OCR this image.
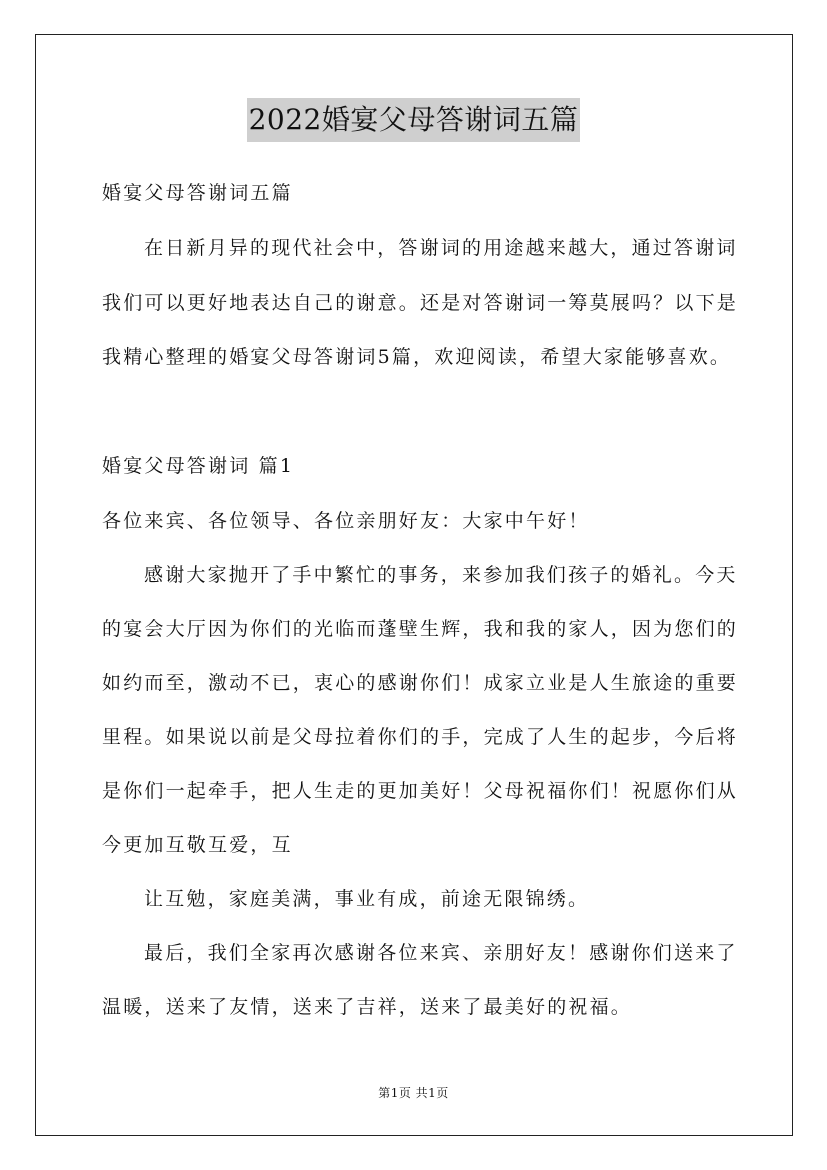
2022婚宴父母答谢词五篇
婚宴父母答谢词五篇
在日新月异的现代社会中，答谢词的用途越来越大，通过答谢词
我们可以更好地表达自己的谢意。还是对答谢词一筹莫展吗？以下是
我精心整理的婚宴父母答谢词5篇，欢迎阅读，希望大家能够喜欢。
婚宴父母答谢词 篇1
各位来宾、各位领导、各位亲朋好友：大家中午好！
感谢大家抛开了手中繁忙的事务，来参加我们孩子的婚礼。今天
的宴会大厅因为你们的光临而蓬壁生辉，我和我的家人，因为您们的
如约而至，激动不已，衷心的感谢你们！成家立业是人生旅途的重要
里程。如果说以前是父母拉着你们的手，完成了人生的起步，今后将
是你们一起牵手，把人生走的更加美好！父母祝福你们！祝愿你们从
今更加互敬互爱，互
让互勉，家庭美满，事业有成，前途无限锦绣。
最后，我们全家再次感谢各位来宾、亲朋好友！感谢你们送来了
温暖，送来了友情，送来了吉祥，送来了最美好的祝福。
第1页 共1页
